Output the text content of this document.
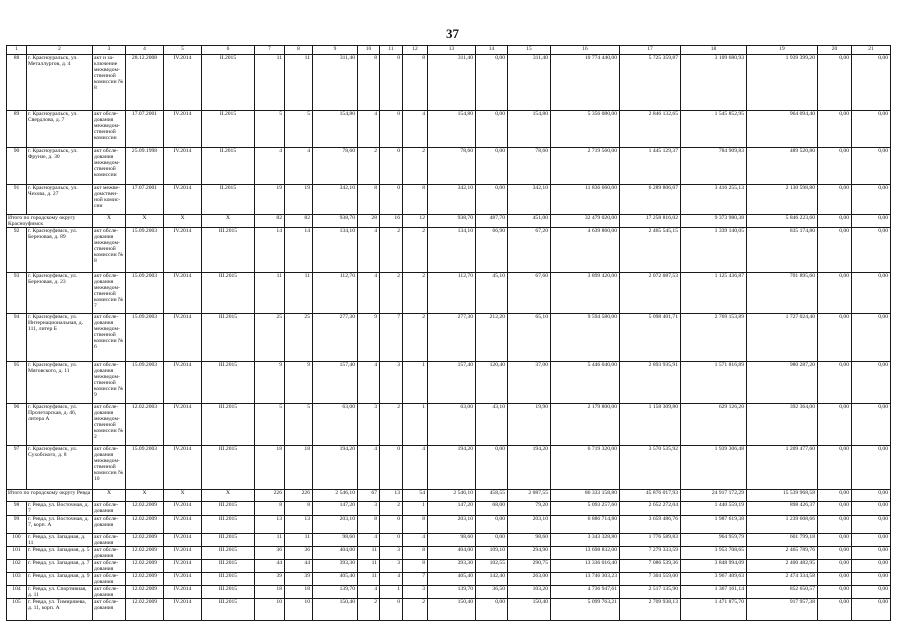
37
1	2	3	4	5	6	7	8	9	10	11	12	13	14	15	16	17	18	19	20	21
88	г. Красноуральск, ул. Металлургов, д. 4	акт и за-ключение межведом-ственной комиссии № 8	28.12.2008	IV.2014	II.2015	11	11	311,40	8	0	8	311,40	0,00	311,40	10 774 440,00	5 725 359,87	3 109 680,93	1 939 399,20	0,00	0,00
89	г. Красноуральск, ул. Свердлова, д. 7	акт обсле-дования межведом-ственной комиссии	17.07.2001	IV.2014	II.2015	5	5	154,80	4	0	4	154,80	0,00	154,80	5 356 080,00	2 846 132,65	1 545 852,95	964 094,40	0,00	0,00
90	г. Красноуральск, ул. Фрунзе, д. 30	акт обсле-дования межведом-ственной комиссии	25.09.1998	IV.2014	II.2015	4	4	78,60	2	0	2	78,60	0,00	78,60	2 719 560,00	1 445 129,37	784 909,83	489 520,80	0,00	0,00
91	г. Красноуральск, ул. Чехова, д. 27	акт межве-домствен-ной комис-сии	17.07.2001	IV.2014	II.2015	19	19	342,10	8	0	8	342,10	0,00	342,10	11 836 660,00	6 289 806,07	3 416 255,13	2 130 598,80	0,00	0,00
Итого по городскому округу Красноуфимск		X	X	X	X	82	82	938,70	28	16	12	938,70	487,70	451,00	32 479 020,00	17 258 816,02	9 373 980,38	5 846 223,60	0,00	0,00
92	г. Красноуфимск, ул. Березовая, д. 89	акт обсле-дования межведом-ственной комиссии № 8	15.09.2003	IV.2014	III.2015	14	14	134,10	4	2	2	134,10	66,90	67,20	4 639 860,00	2 465 545,15	1 339 140,05	835 174,80	0,00	0,00
93	г. Красноуфимск, ул. Березовая, д. 23	акт обсле-дования межведом-ственной комиссии № 7	15.09.2003	IV.2014	III.2015	11	11	112,70	4	2	2	112,70	45,10	67,60	3 899 420,00	2 072 087,53	1 125 436,87	701 895,60	0,00	0,00
94	г. Красноуфимск, ул. Интернациональная, д. 111, литер Б	акт обсле-дования межведом-ственной комиссии № 6	15.09.2003	IV.2014	III.2015	25	25	277,30	9	7	2	277,30	212,20	65,10	9 594 580,00	5 098 401,71	2 769 153,89	1 727 024,40	0,00	0,00
95	г. Красноуфимск, ул. Мяговского, д. 11	акт обсле-дования межведом-ственной комиссии № 9	15.09.2003	IV.2014	III.2015	9	9	157,40	4	3	1	157,40	120,40	37,00	5 446 040,00	2 893 935,91	1 571 816,89	980 287,20	0,00	0,00
96	г. Красноуфимск, ул. Пролетарская, д. 46, литера А	акт обсле-дования межведом-ственной комиссии № 2	12.02.2003	IV.2014	III.2015	5	5	63,00	3	2	1	63,00	43,10	19,90	2 179 800,00	1 158 309,80	629 126,20	392 364,00	0,00	0,00
97	г. Красноуфимск, ул. Сухобского, д. 8	акт обсле-дования межведом-ственной комиссии № 10	15.09.2003	IV.2014	III.2015	18	18	194,20	4	0	4	194,20	0,00	194,20	6 719 320,00	3 570 535,92	1 939 306,48	1 209 477,60	0,00	0,00
Итого по городскому округу Ревда		X	X	X	X	226	226	2 546,10	67	13	54	2 546,10	458,55	2 087,55	86 333 158,80	45 876 017,93	24 917 172,29	15 539 968,58	0,00	0,00
98	г. Ревда, ул. Восточная, д. 7	акт обсле-дования	12.02.2009	IV.2014	III.2015	8	8	147,20	3	2	1	147,20	68,00	79,20	5 093 257,60	2 652 272,04	1 440 559,19	898 426,37	0,00	0,00
99	г. Ревда, ул. Восточная, д. 7, корп. А	акт обсле-дования	12.02.2009	IV.2014	III.2015	13	13	203,10	8	0	8	203,10	0,00	203,10	6 886 714,80	3 659 486,76	1 987 619,38	1 239 608,66	0,00	0,00
100	г. Ревда, ул. Западная, д. 11	акт обсле-дования	12.02.2009	IV.2014	III.2015	11	11	98,60	4	0	4	98,60	0,00	98,60	3 343 328,80	1 776 589,83	964 959,79	601 799,18	0,00	0,00
101	г. Ревда, ул. Западная, д. 5	акт обсле-дования	12.02.2009	IV.2014	III.2015	36	36	404,00	11	3	8	404,00	109,10	294,90	13 698 832,00	7 279 333,59	3 953 708,65	2 465 789,76	0,00	0,00
102	г. Ревда, ул. Западная, д. 7	акт обсле-дования	12.02.2009	IV.2014	III.2015	44	44	393,30	11	3	8	393,30	102,55	290,75	13 336 016,40	7 086 539,36	3 848 994,09	2 400 482,95	0,00	0,00
103	г. Ревда, ул. Западная, д. 9	акт обсле-дования	12.02.2009	IV.2014	III.2015	39	39	405,40	11	4	7	405,40	142,40	263,00	13 746 303,23	7 304 559,00	3 967 409,63	2 474 334,58	0,00	0,00
104	г. Ревда, ул. Спортивная, д. 11	акт обсле-дования	12.02.2009	IV.2014	III.2015	18	18	139,70	4	1	3	139,70	36,50	103,20	4 736 947,61	2 517 135,90	1 367 161,14	852 650,57	0,00	0,00
105	г. Ревда, ул. Тимирязева, д. 11, корп. А	акт обсле-дования	12.02.2009	IV.2014	III.2015	10	10	150,40	2	0	2	150,40	0,00	150,40	5 099 763,21	2 709 938,13	1 471 875,70	917 957,38	0,00	0,00
